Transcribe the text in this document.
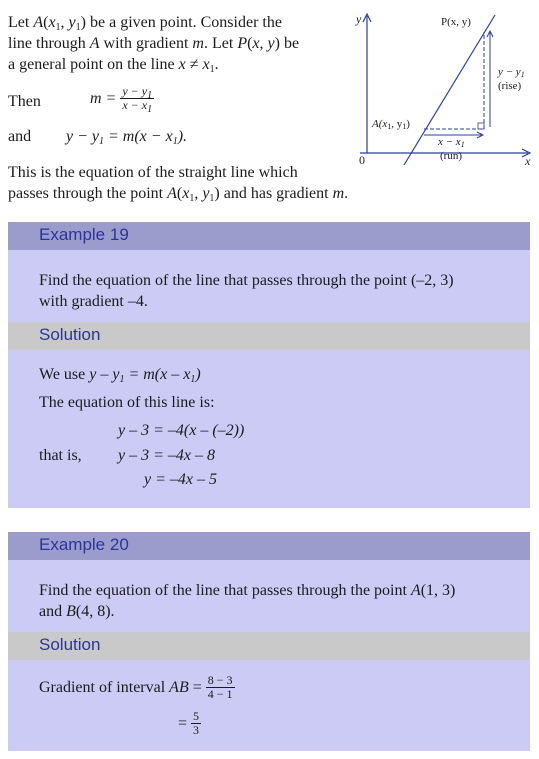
Let $A(x_1$, $y_1$) be a given point. Consider the
line through A with gradient m. Let P(x, y) be
a general point on the line $x \ne x_1$.
Then	$m = \frac{y - y_1}{x - x_1}$
and $y - y_1 = m(x - x_1)$.
This is the equation of the straight line which
passes through the point $A(x_1$, $y_1$) and has gradient m.
y
x
0
P(x, y)
A(x1, y1)
y − y1
(rise)
x − x1
(run)
Example 19
Find the equation of the line that passes through the point (–2, 3)
with gradient –4.
Solution
We use $y - y_1 = m(x - x_1)$
The equation of this line is:
y – 3 = –4(x – (–2))
that is, y – 3 = –4x – 8
y = –4x – 5
Example 20
Find the equation of the line that passes through the point A(1, 3)
and B(4, 8).
Solution
Gradient of interval AB = $\frac{8 - 3}{4 - 1}$
= $\frac{5}{3}$
